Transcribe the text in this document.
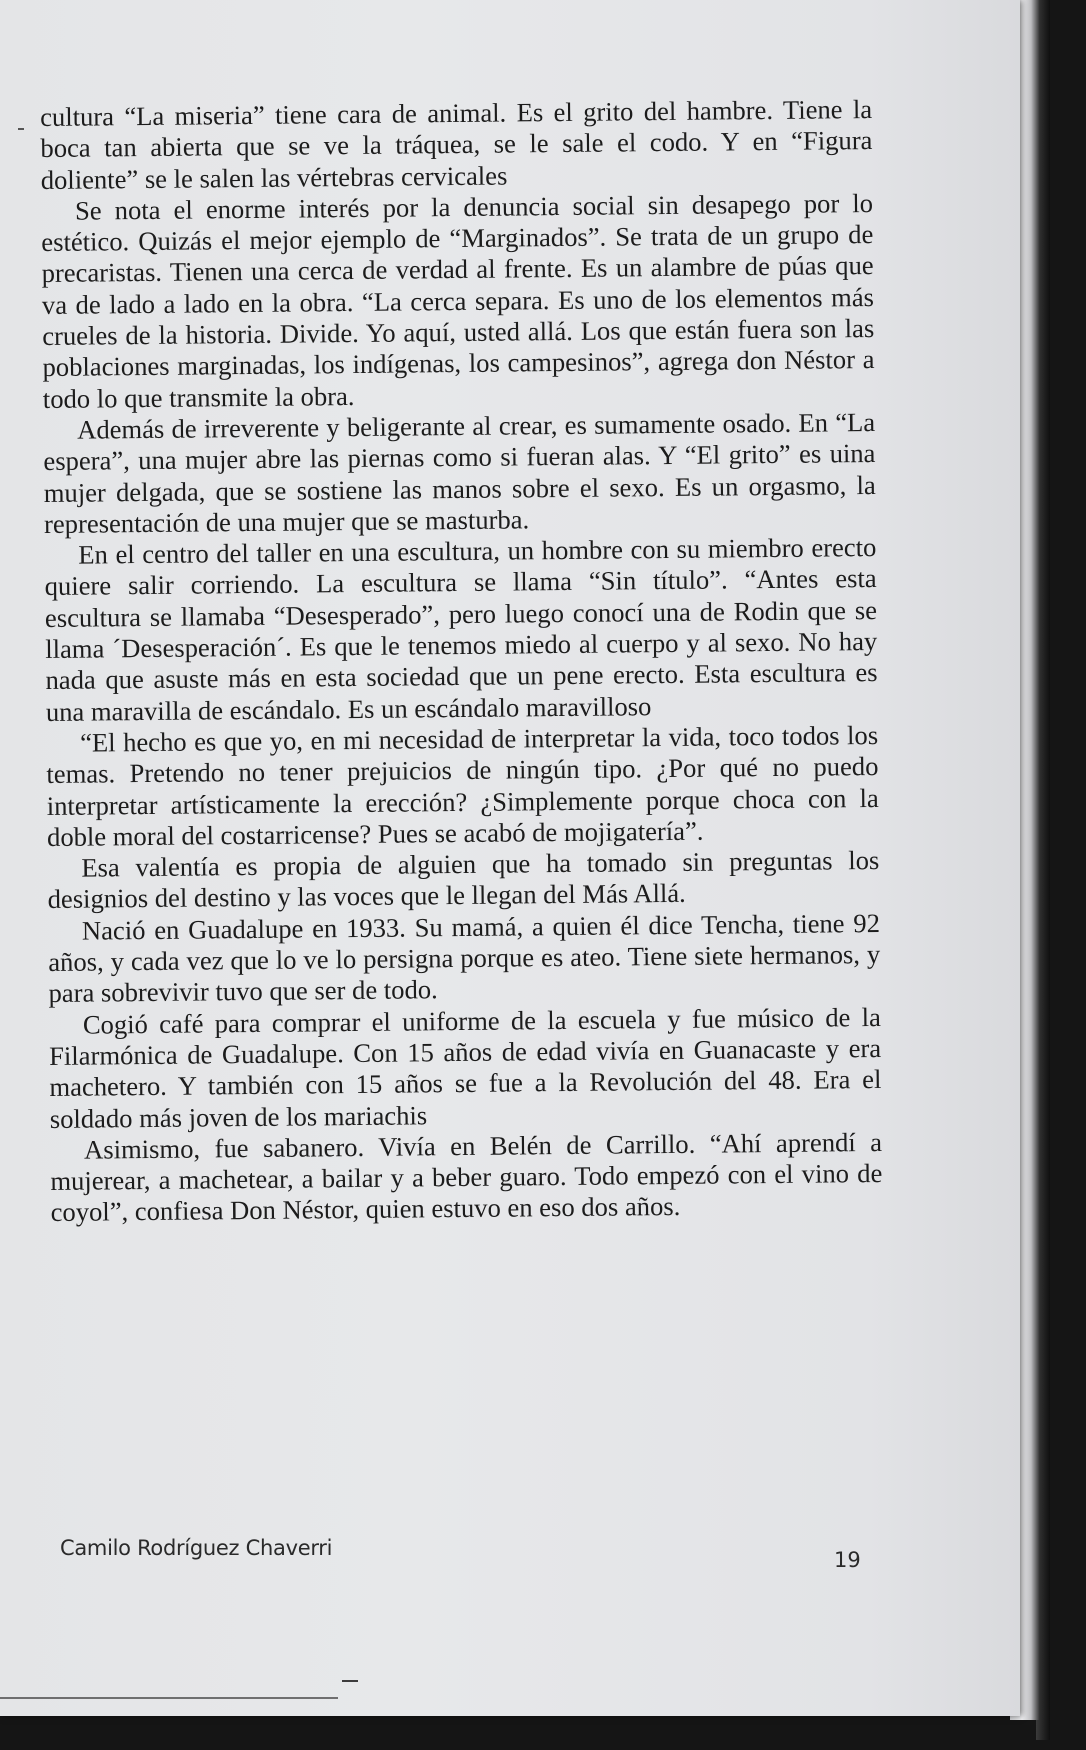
cultura “La miseria” tiene cara de animal. Es el grito del hambre. Tiene la boca tan abierta que se ve la tráquea, se le sale el codo. Y en “Figura doliente” se le salen las vértebras cervicales

Se nota el enorme interés por la denuncia social sin desapego por lo estético. Quizás el mejor ejemplo de “Marginados”. Se trata de un grupo de precaristas. Tienen una cerca de verdad al frente. Es un alambre de púas que va de lado a lado en la obra. “La cerca separa. Es uno de los elementos más crueles de la historia. Divide. Yo aquí, usted allá. Los que están fuera son las poblaciones marginadas, los indígenas, los campesinos”, agrega don Néstor a todo lo que transmite la obra.

Además de irreverente y beligerante al crear, es sumamente osado. En “La espera”, una mujer abre las piernas como si fueran alas. Y “El grito” es uina mujer delgada, que se sostiene las manos sobre el sexo. Es un orgasmo, la representación de una mujer que se masturba.

En el centro del taller en una escultura, un hombre con su miembro erecto quiere salir corriendo. La escultura se llama “Sin título”. “Antes esta escultura se llamaba “Desesperado”, pero luego conocí una de Rodin que se llama ´Desesperación´. Es que le tenemos miedo al cuerpo y al sexo. No hay nada que asuste más en esta sociedad que un pene erecto. Esta escultura es una maravilla de escándalo. Es un escándalo maravilloso

“El hecho es que yo, en mi necesidad de interpretar la vida, toco todos los temas. Pretendo no tener prejuicios de ningún tipo. ¿Por qué no puedo interpretar artísticamente la erección? ¿Simplemente porque choca con la doble moral del costarricense? Pues se acabó de mojigatería”.

Esa valentía es propia de alguien que ha tomado sin preguntas los designios del destino y las voces que le llegan del Más Allá.

Nació en Guadalupe en 1933. Su mamá, a quien él dice Tencha, tiene 92 años, y cada vez que lo ve lo persigna porque es ateo. Tiene siete hermanos, y para sobrevivir tuvo que ser de todo.

Cogió café para comprar el uniforme de la escuela y fue músico de la Filarmónica de Guadalupe. Con 15 años de edad vivía en Guanacaste y era machetero. Y también con 15 años se fue a la Revolución del 48. Era el soldado más joven de los mariachis

Asimismo, fue sabanero. Vivía en Belén de Carrillo. “Ahí aprendí a mujerear, a machetear, a bailar y a beber guaro. Todo empezó con el vino de coyol”, confiesa Don Néstor, quien estuvo en eso dos años.

Camilo Rodríguez Chaverri	19
